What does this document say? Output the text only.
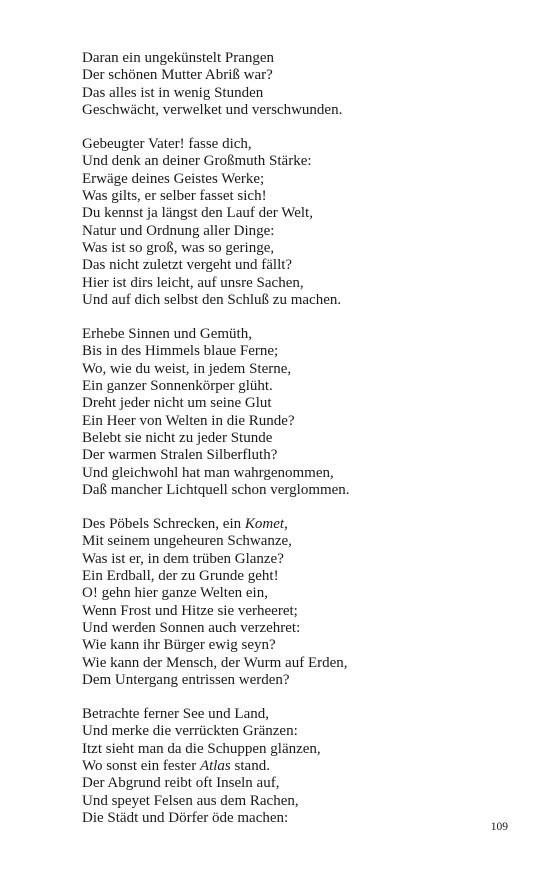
Daran ein ungekünstelt Prangen
Der schönen Mutter Abriß war?
Das alles ist in wenig Stunden
Geschwächt, verwelket und verschwunden.
Gebeugter Vater! fasse dich,
Und denk an deiner Großmuth Stärke:
Erwäge deines Geistes Werke;
Was gilts, er selber fasset sich!
Du kennst ja längst den Lauf der Welt,
Natur und Ordnung aller Dinge:
Was ist so groß, was so geringe,
Das nicht zuletzt vergeht und fällt?
Hier ist dirs leicht, auf unsre Sachen,
Und auf dich selbst den Schluß zu machen.
Erhebe Sinnen und Gemüth,
Bis in des Himmels blaue Ferne;
Wo, wie du weist, in jedem Sterne,
Ein ganzer Sonnenkörper glüht.
Dreht jeder nicht um seine Glut
Ein Heer von Welten in die Runde?
Belebt sie nicht zu jeder Stunde
Der warmen Stralen Silberfluth?
Und gleichwohl hat man wahrgenommen,
Daß mancher Lichtquell schon verglommen.
Des Pöbels Schrecken, ein Komet,
Mit seinem ungeheuren Schwanze,
Was ist er, in dem trüben Glanze?
Ein Erdball, der zu Grunde geht!
O! gehn hier ganze Welten ein,
Wenn Frost und Hitze sie verheeret;
Und werden Sonnen auch verzehret:
Wie kann ihr Bürger ewig seyn?
Wie kann der Mensch, der Wurm auf Erden,
Dem Untergang entrissen werden?
Betrachte ferner See und Land,
Und merke die verrückten Gränzen:
Itzt sieht man da die Schuppen glänzen,
Wo sonst ein fester Atlas stand.
Der Abgrund reibt oft Inseln auf,
Und speyet Felsen aus dem Rachen,
Die Städt und Dörfer öde machen:
109
